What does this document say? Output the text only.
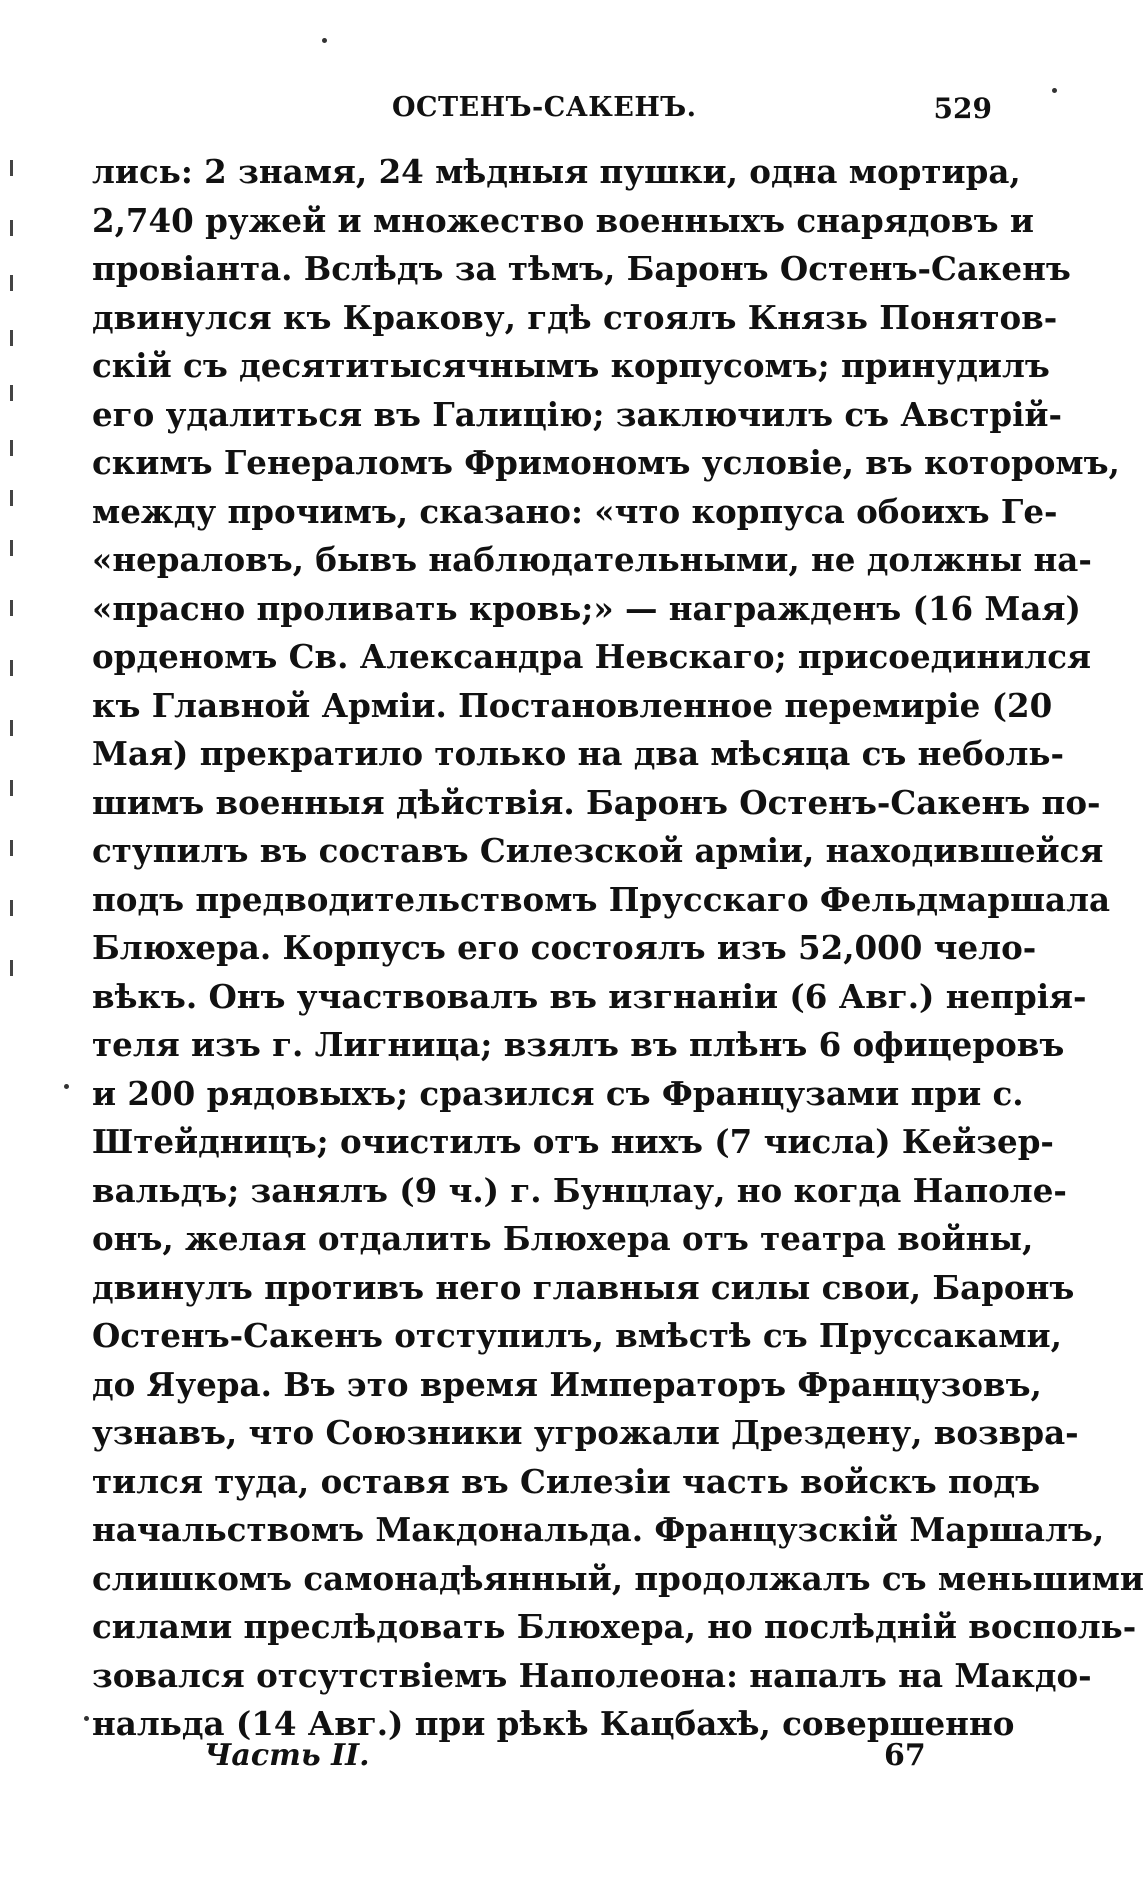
ОСТЕНЪ-САКЕНЪ.	529
лись: 2 знамя, 24 мѣдныя пушки, одна мортира,
2,740 ружей и множество военныхъ снарядовъ и
провіанта. Вслѣдъ за тѣмъ, Баронъ Остенъ-Сакенъ
двинулся къ Кракову, гдѣ стоялъ Князь Понятов-
скій съ десятитысячнымъ корпусомъ; принудилъ
его удалиться въ Галицію; заключилъ съ Австрій-
скимъ Генераломъ Фримономъ условіе, въ которомъ,
между прочимъ, сказано: «что корпуса обоихъ Ге-
«нераловъ, бывъ наблюдательными, не должны на-
«прасно проливать кровь;» — награжденъ (16 Мая)
орденомъ Св. Александра Невскаго; присоединился
къ Главной Арміи. Постановленное перемиріе (20
Мая) прекратило только на два мѣсяца съ неболь-
шимъ военныя дѣйствія. Баронъ Остенъ-Сакенъ по-
ступилъ въ составъ Силезской арміи, находившейся
подъ предводительствомъ Прусскаго Фельдмаршала
Блюхера. Корпусъ его состоялъ изъ 52,000 чело-
вѣкъ. Онъ участвовалъ въ изгнаніи (6 Авг.) непрія-
теля изъ г. Лигница; взялъ въ плѣнъ 6 офицеровъ
и 200 рядовыхъ; сразился съ Французами при с.
Штейдницъ; очистилъ отъ нихъ (7 числа) Кейзер-
вальдъ; занялъ (9 ч.) г. Бунцлау, но когда Наполе-
онъ, желая отдалить Блюхера отъ театра войны,
двинулъ противъ него главныя силы свои, Баронъ
Остенъ-Сакенъ отступилъ, вмѣстѣ съ Пруссаками,
до Яуера. Въ это время Императоръ Французовъ,
узнавъ, что Союзники угрожали Дрездену, возвра-
тился туда, оставя въ Силезіи часть войскъ подъ
начальствомъ Макдональда. Французскій Маршалъ,
слишкомъ самонадѣянный, продолжалъ съ меньшими
силами преслѣдовать Блюхера, но послѣдній восполь-
зовался отсутствіемъ Наполеона: напалъ на Макдо-
нальда (14 Авг.) при рѣкѣ Кацбахѣ, совершенно
Часть II.	67
